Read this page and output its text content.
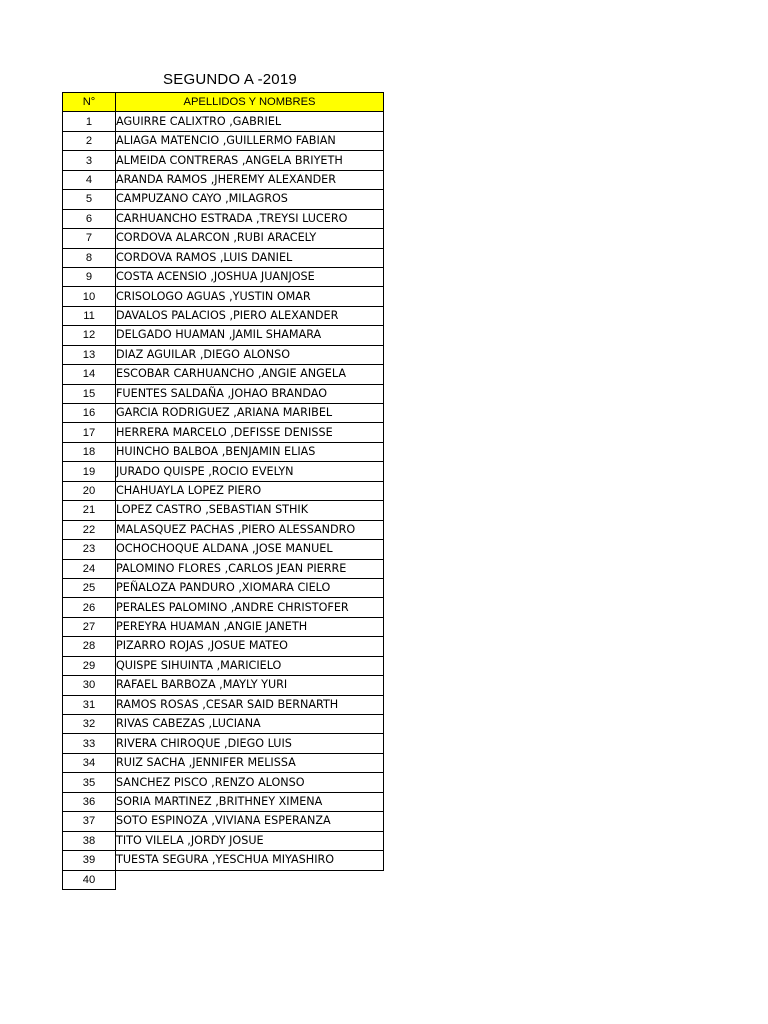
SEGUNDO A -2019
N°	APELLIDOS Y NOMBRES
1	AGUIRRE CALIXTRO ,GABRIEL
2	ALIAGA MATENCIO ,GUILLERMO FABIAN
3	ALMEIDA CONTRERAS ,ANGELA BRIYETH
4	ARANDA RAMOS ,JHEREMY ALEXANDER
5	CAMPUZANO CAYO ,MILAGROS
6	CARHUANCHO ESTRADA ,TREYSI LUCERO
7	CORDOVA ALARCON ,RUBI ARACELY
8	CORDOVA RAMOS ,LUIS DANIEL
9	COSTA ACENSIO ,JOSHUA JUANJOSE
10	CRISOLOGO AGUAS ,YUSTIN OMAR
11	DAVALOS PALACIOS ,PIERO ALEXANDER
12	DELGADO HUAMAN ,JAMIL SHAMARA
13	DIAZ AGUILAR ,DIEGO ALONSO
14	ESCOBAR CARHUANCHO ,ANGIE ANGELA
15	FUENTES SALDAÑA ,JOHAO BRANDAO
16	GARCIA RODRIGUEZ ,ARIANA MARIBEL
17	HERRERA MARCELO ,DEFISSE DENISSE
18	HUINCHO BALBOA ,BENJAMIN ELIAS
19	JURADO QUISPE ,ROCIO EVELYN
20	CHAHUAYLA LOPEZ PIERO
21	LOPEZ CASTRO ,SEBASTIAN STHIK
22	MALASQUEZ PACHAS ,PIERO ALESSANDRO
23	OCHOCHOQUE ALDANA ,JOSE MANUEL
24	PALOMINO FLORES ,CARLOS JEAN PIERRE
25	PEÑALOZA PANDURO ,XIOMARA CIELO
26	PERALES PALOMINO ,ANDRE CHRISTOFER
27	PEREYRA HUAMAN ,ANGIE JANETH
28	PIZARRO ROJAS ,JOSUE MATEO
29	QUISPE SIHUINTA ,MARICIELO
30	RAFAEL BARBOZA ,MAYLY YURI
31	RAMOS ROSAS ,CESAR SAID BERNARTH
32	RIVAS CABEZAS ,LUCIANA
33	RIVERA CHIROQUE ,DIEGO LUIS
34	RUIZ SACHA ,JENNIFER MELISSA
35	SANCHEZ PISCO ,RENZO ALONSO
36	SORIA MARTINEZ ,BRITHNEY XIMENA
37	SOTO ESPINOZA ,VIVIANA ESPERANZA
38	TITO VILELA ,JORDY JOSUE
39	TUESTA SEGURA ,YESCHUA MIYASHIRO
40	
